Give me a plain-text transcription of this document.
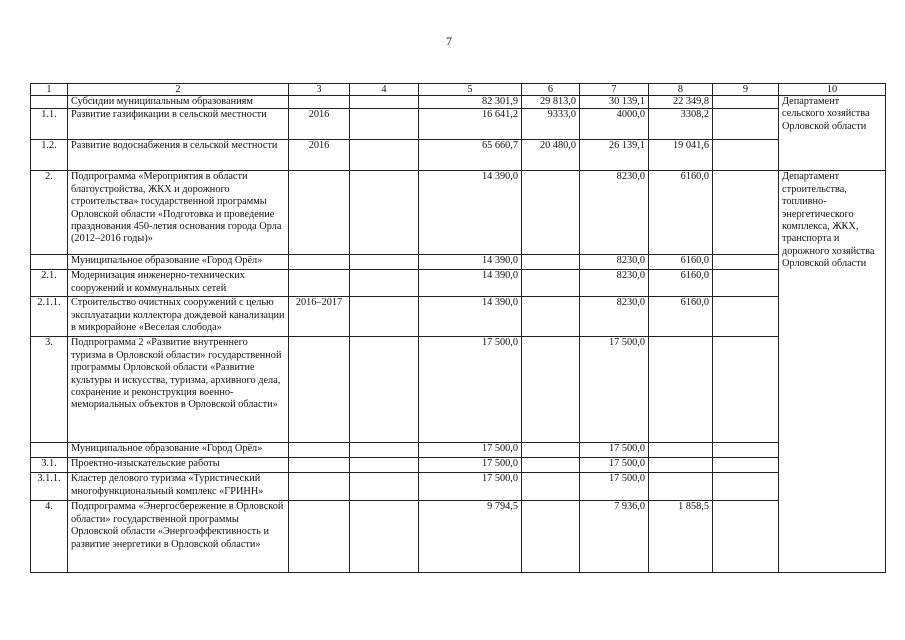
7
1	2	3	4	5	6	7	8	9	10
	Субсидии муниципальным образованиям			82 301,9	29 813,0	30 139,1	22 349,8		Департамент сельского хозяйства Орловской области
1.1.	Развитие газификации в сельской местности	2016		16 641,2	9333,0	4000,0	3308,2		
1.2.	Развитие водоснабжения в сельской местности	2016		65 660,7	20 480,0	26 139,1	19 041,6		
2.	Подпрограмма «Мероприятия в области благоустройства, ЖКХ и дорожного строительства» государственной программы Орловской области «Подготовка и проведение празднования 450-летия основания города Орла (2012–2016 годы)»			14 390,0		8230,0	6160,0		Департамент строительства, топливно-энергетического комплекса, ЖКХ, транспорта и дорожного хозяйства Орловской области
	Муниципальное образование «Город Орёл»			14 390,0		8230,0	6160,0		
2.1.	Модернизация инженерно-технических сооружений и коммунальных сетей			14 390,0		8230,0	6160,0		
2.1.1.	Строительство очистных сооружений с целью эксплуатации коллектора дождевой канализации в микрорайоне «Веселая слобода»	2016–2017		14 390,0		8230,0	6160,0		
3.	Подпрограмма 2 «Развитие внутреннего туризма в Орловской области» государственной программы Орловской области «Развитие культуры и искусства, туризма, архивного дела, сохранение и реконструкция военно-мемориальных объектов в Орловской области»			17 500,0		17 500,0			
	Муниципальное образование «Город Орёл»			17 500,0		17 500,0			
3.1.	Проектно-изыскательские работы			17 500,0		17 500,0			
3.1.1.	Кластер делового туризма «Туристический многофункциональный комплекс «ГРИНН»			17 500,0		17 500,0			
4.	Подпрограмма «Энергосбережение в Орловской области» государственной программы Орловской области «Энергоэффективность и развитие энергетики в Орловской области»			9 794,5		7 936,0	1 858,5		
